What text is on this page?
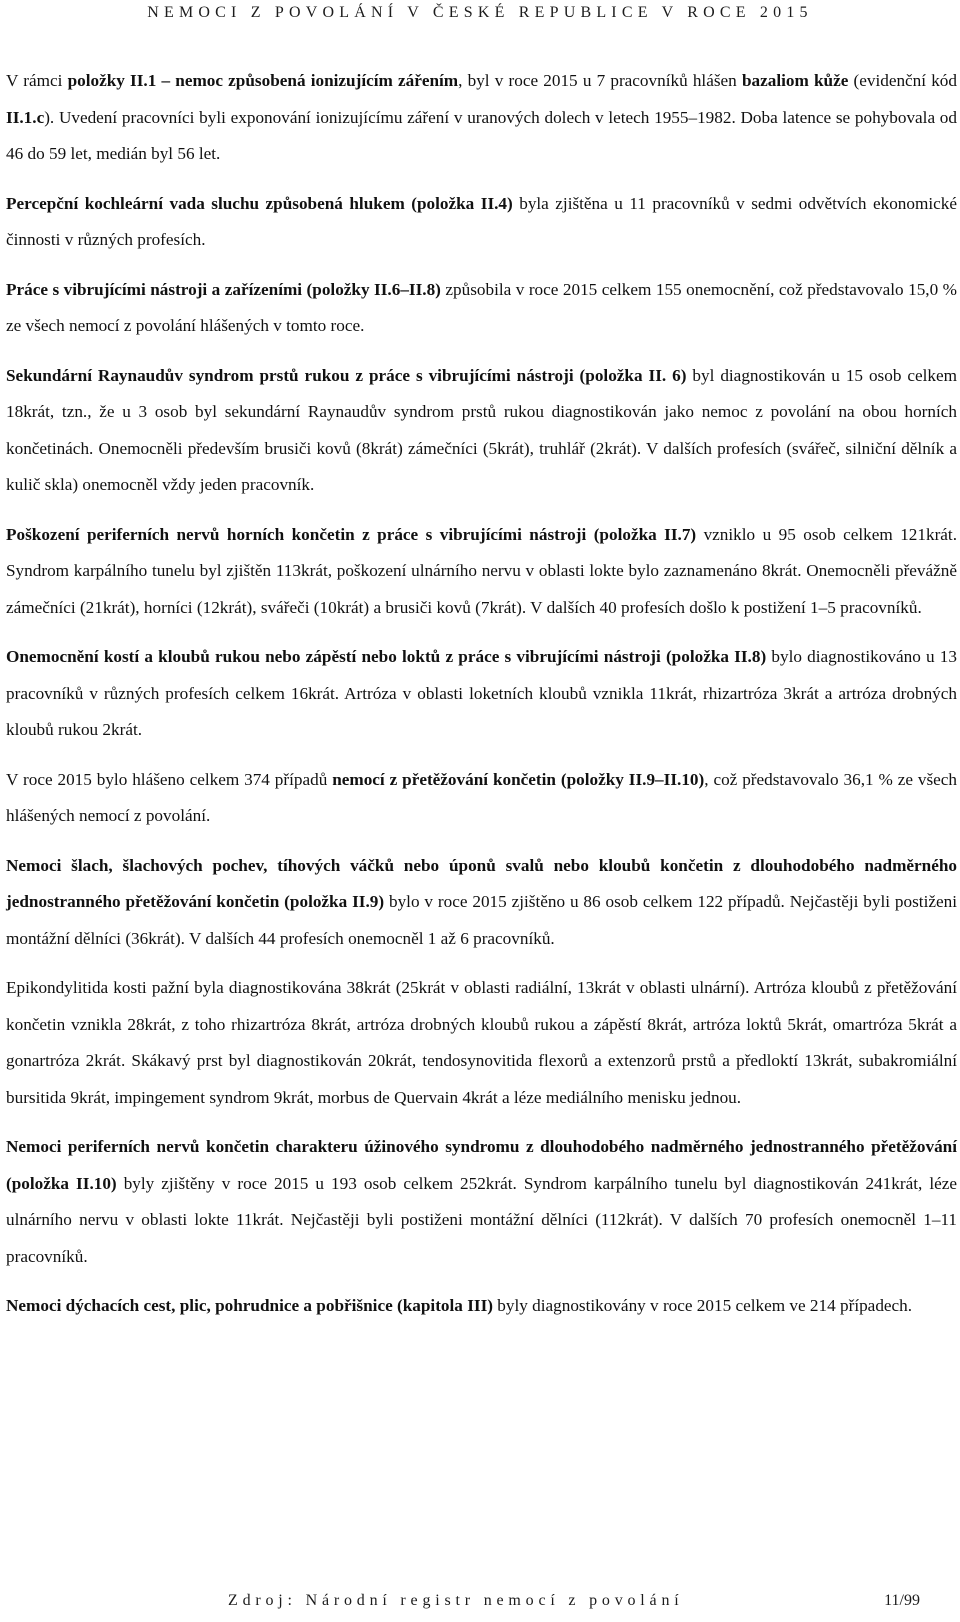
NEMOCI Z POVOLÁNÍ V ČESKÉ REPUBLICE V ROCE 2015

V rámci položky II.1 – nemoc způsobená ionizujícím zářením, byl v roce 2015 u 7 pracovníků hlášen bazaliom kůže (evidenční kód II.1.c). Uvedení pracovníci byli exponování ionizujícímu záření v uranových dolech v letech 1955–1982. Doba latence se pohybovala od 46 do 59 let, medián byl 56 let.

Percepční kochleární vada sluchu způsobená hlukem (položka II.4) byla zjištěna u 11 pracovníků v sedmi odvětvích ekonomické činnosti v různých profesích.

Práce s vibrujícími nástroji a zařízeními (položky II.6–II.8) způsobila v roce 2015 celkem 155 onemocnění, což představovalo 15,0 % ze všech nemocí z povolání hlášených v tomto roce.

Sekundární Raynaudův syndrom prstů rukou z práce s vibrujícími nástroji (položka II. 6) byl diagnostikován u 15 osob celkem 18krát, tzn., že u 3 osob byl sekundární Raynaudův syndrom prstů rukou diagnostikován jako nemoc z povolání na obou horních končetinách. Onemocněli především brusiči kovů (8krát) zámečníci (5krát), truhlář (2krát). V dalších profesích (svářeč, silniční dělník a kulič skla) onemocněl vždy jeden pracovník.

Poškození periferních nervů horních končetin z práce s vibrujícími nástroji (položka II.7) vzniklo u 95 osob celkem 121krát. Syndrom karpálního tunelu byl zjištěn 113krát, poškození ulnárního nervu v oblasti lokte bylo zaznamenáno 8krát. Onemocněli převážně zámečníci (21krát), horníci (12krát), svářeči (10krát) a brusiči kovů (7krát). V dalších 40 profesích došlo k postižení 1–5 pracovníků.

Onemocnění kostí a kloubů rukou nebo zápěstí nebo loktů z práce s vibrujícími nástroji (položka II.8) bylo diagnostikováno u 13 pracovníků v různých profesích celkem 16krát. Artróza v oblasti loketních kloubů vznikla 11krát, rhizartróza 3krát a artróza drobných kloubů rukou 2krát.

V roce 2015 bylo hlášeno celkem 374 případů nemocí z přetěžování končetin (položky II.9–II.10), což představovalo 36,1 % ze všech hlášených nemocí z povolání.

Nemoci šlach, šlachových pochev, tíhových váčků nebo úponů svalů nebo kloubů končetin z dlouhodobého nadměrného jednostranného přetěžování končetin (položka II.9) bylo v roce 2015 zjištěno u 86 osob celkem 122 případů. Nejčastěji byli postiženi montážní dělníci (36krát). V dalších 44 profesích onemocněl 1 až 6 pracovníků.

Epikondylitida kosti pažní byla diagnostikována 38krát (25krát v oblasti radiální, 13krát v oblasti ulnární). Artróza kloubů z přetěžování končetin vznikla 28krát, z toho rhizartróza 8krát, artróza drobných kloubů rukou a zápěstí 8krát, artróza loktů 5krát, omartróza 5krát a gonartróza 2krát. Skákavý prst byl diagnostikován 20krát, tendosynovitida flexorů a extenzorů prstů a předloktí 13krát, subakromiální bursitida 9krát, impingement syndrom 9krát, morbus de Quervain 4krát a léze mediálního menisku jednou.

Nemoci periferních nervů končetin charakteru úžinového syndromu z dlouhodobého nadměrného jednostranného přetěžování (položka II.10) byly zjištěny v roce 2015 u 193 osob celkem 252krát. Syndrom karpálního tunelu byl diagnostikován 241krát, léze ulnárního nervu v oblasti lokte 11krát. Nejčastěji byli postiženi montážní dělníci (112krát). V dalších 70 profesích onemocněl 1–11 pracovníků.

Nemoci dýchacích cest, plic, pohrudnice a pobřišnice (kapitola III) byly diagnostikovány v roce 2015 celkem ve 214 případech.

Zdroj: Národní registr nemocí z povolání	11/99
